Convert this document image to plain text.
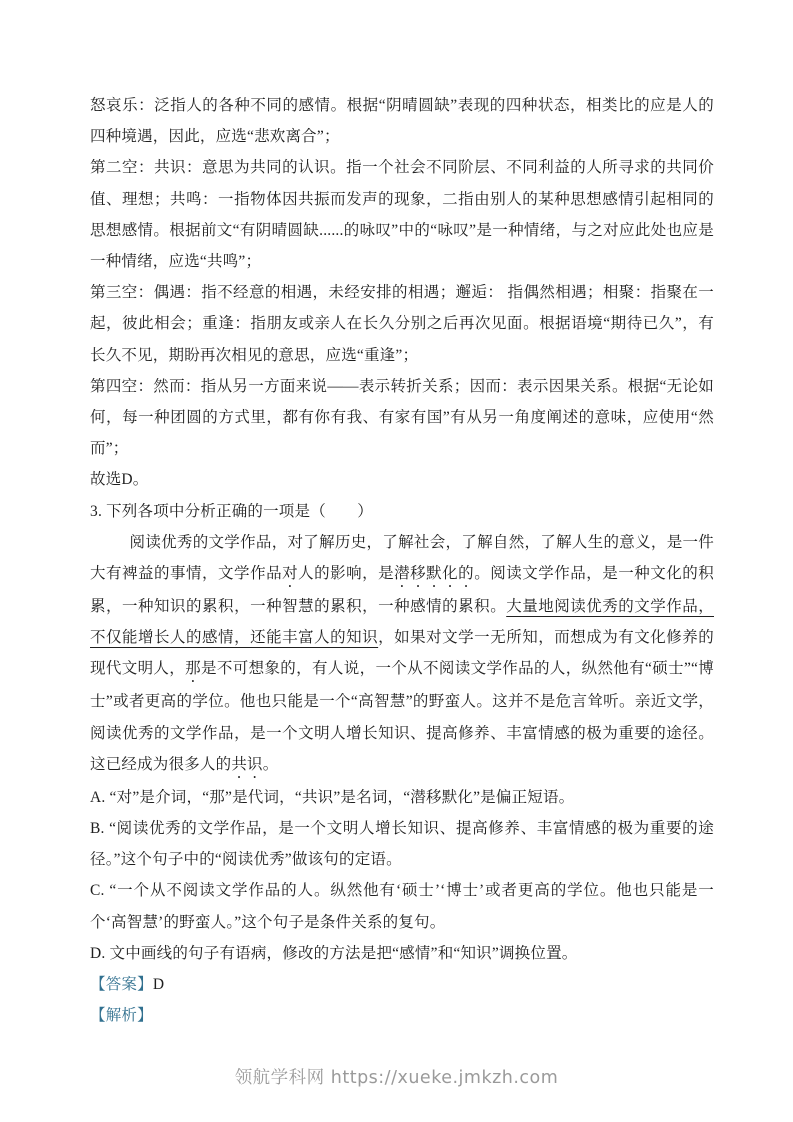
怒哀乐：泛指人的各种不同的感情。根据“阴晴圆缺”表现的四种状态，相类比的应是人的四种境遇，因此，应选“悲欢离合”；

第二空：共识：意思为共同的认识。指一个社会不同阶层、不同利益的人所寻求的共同价值、理想；共鸣：一指物体因共振而发声的现象，二指由别人的某种思想感情引起相同的思想感情。根据前文“有阴晴圆缺......的咏叹”中的“咏叹”是一种情绪，与之对应此处也应是一种情绪，应选“共鸣”；

第三空：偶遇：指不经意的相遇，未经安排的相遇；邂逅： 指偶然相遇；相聚：指聚在一起，彼此相会；重逢：指朋友或亲人在长久分别之后再次见面。根据语境“期待已久”，有长久不见，期盼再次相见的意思，应选“重逢”；

第四空：然而：指从另一方面来说——表示转折关系；因而：表示因果关系。根据“无论如何，每一种团圆的方式里，都有你有我、有家有国”有从另一角度阐述的意味，应使用“然而”；

故选D。

3. 下列各项中分析正确的一项是（　　）

阅读优秀的文学作品，对了解历史，了解社会，了解自然，了解人生的意义，是一件大有裨益的事情，文学作品对人的影响，是潜移默化的。阅读文学作品，是一种文化的积累，一种知识的累积，一种智慧的累积，一种感情的累积。大量地阅读优秀的文学作品，不仅能增长人的感情，还能丰富人的知识，如果对文学一无所知，而想成为有文化修养的现代文明人，那是不可想象的，有人说，一个从不阅读文学作品的人，纵然他有“硕士”“博士”或者更高的学位。他也只能是一个“高智慧”的野蛮人。这并不是危言耸听。亲近文学，阅读优秀的文学作品，是一个文明人增长知识、提高修养、丰富情感的极为重要的途径。这已经成为很多人的共识。

A. “对”是介词，“那”是代词，“共识”是名词，“潜移默化”是偏正短语。

B. “阅读优秀的文学作品，是一个文明人增长知识、提高修养、丰富情感的极为重要的途径。”这个句子中的“阅读优秀”做该句的定语。

C. “一个从不阅读文学作品的人。纵然他有‘硕士’‘博士’或者更高的学位。他也只能是一个‘高智慧’的野蛮人。”这个句子是条件关系的复句。

D. 文中画线的句子有语病，修改的方法是把“感情”和“知识”调换位置。

【答案】D

【解析】

领航学科网 https://xueke.jmkzh.com
